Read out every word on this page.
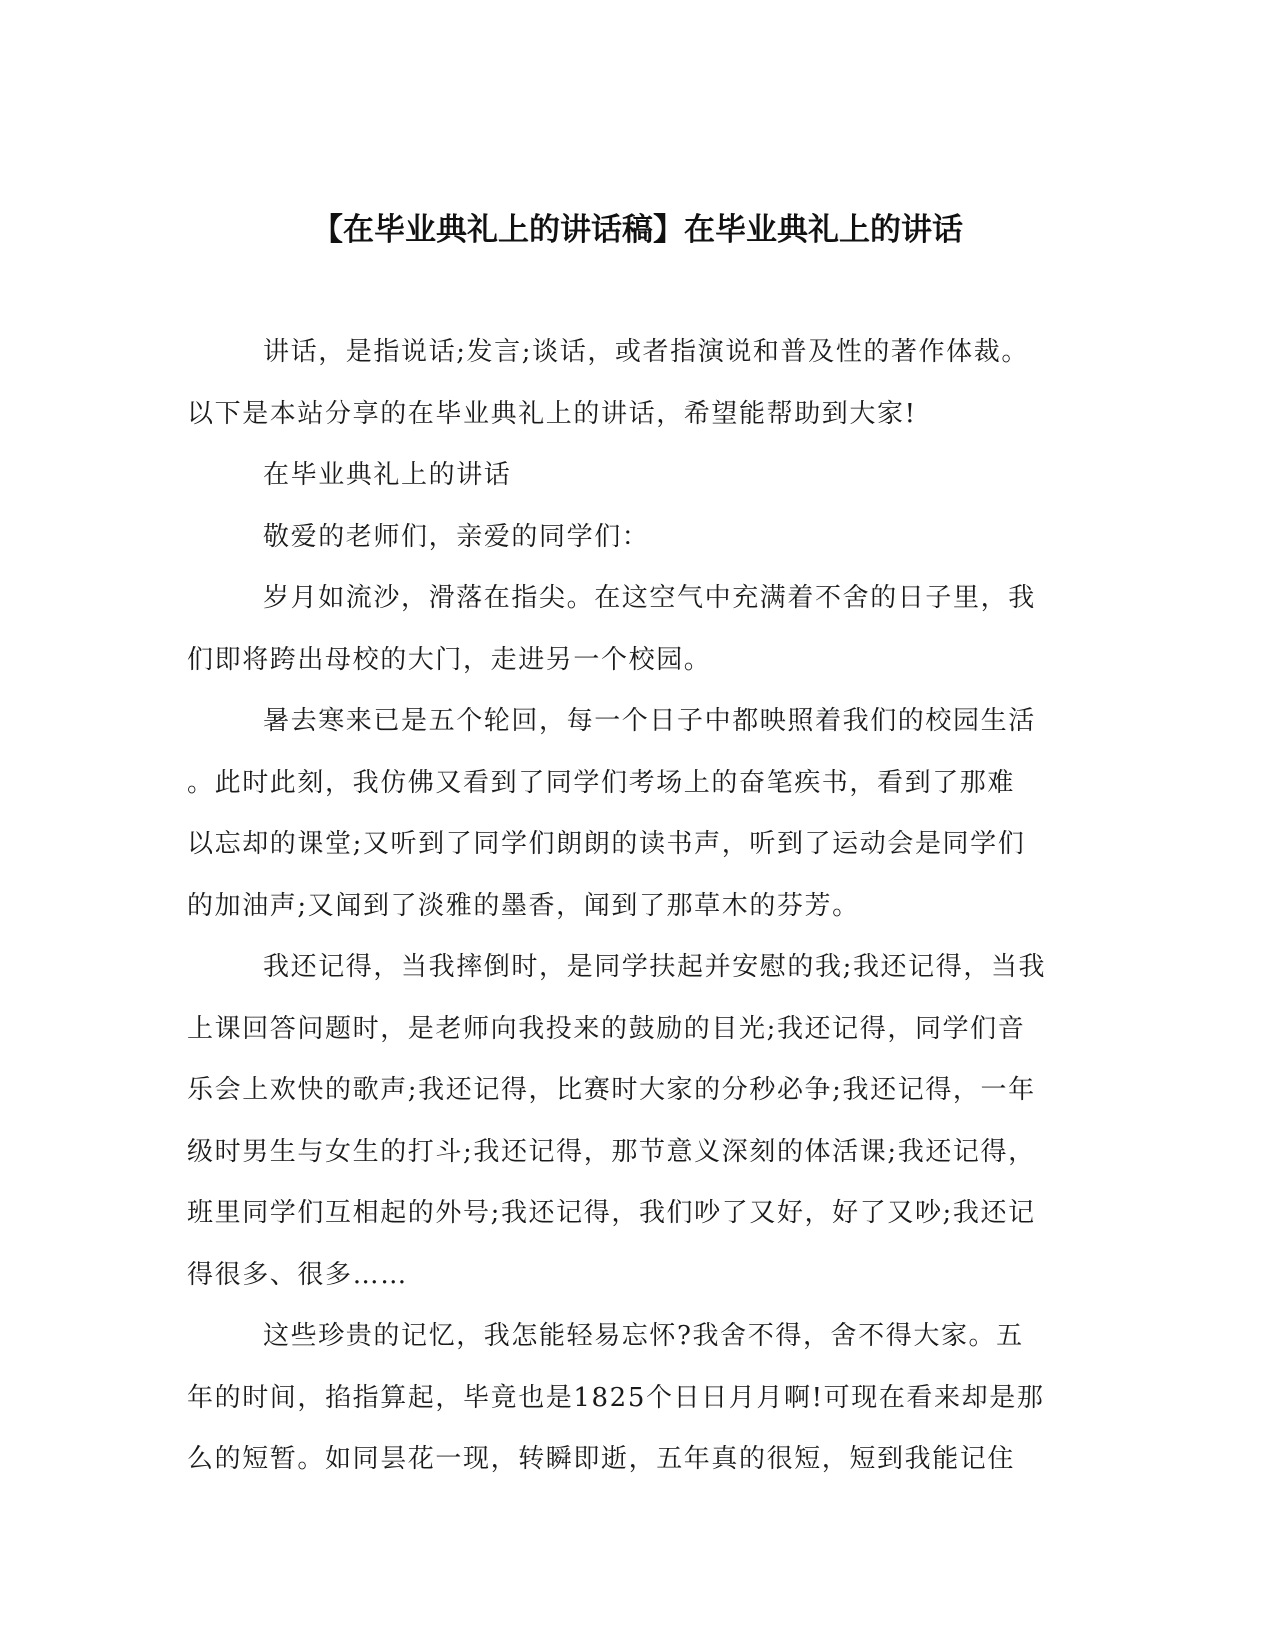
【在毕业典礼上的讲话稿】在毕业典礼上的讲话
讲话，是指说话;发言;谈话，或者指演说和普及性的著作体裁。
以下是本站分享的在毕业典礼上的讲话，希望能帮助到大家!
在毕业典礼上的讲话
敬爱的老师们，亲爱的同学们：
岁月如流沙，滑落在指尖。在这空气中充满着不舍的日子里，我
们即将跨出母校的大门，走进另一个校园。
暑去寒来已是五个轮回，每一个日子中都映照着我们的校园生活
。此时此刻，我仿佛又看到了同学们考场上的奋笔疾书，看到了那难
以忘却的课堂;又听到了同学们朗朗的读书声，听到了运动会是同学们
的加油声;又闻到了淡雅的墨香，闻到了那草木的芬芳。
我还记得，当我摔倒时，是同学扶起并安慰的我;我还记得，当我
上课回答问题时，是老师向我投来的鼓励的目光;我还记得，同学们音
乐会上欢快的歌声;我还记得，比赛时大家的分秒必争;我还记得，一年
级时男生与女生的打斗;我还记得，那节意义深刻的体活课;我还记得，
班里同学们互相起的外号;我还记得，我们吵了又好，好了又吵;我还记
得很多、很多……
这些珍贵的记忆，我怎能轻易忘怀?我舍不得，舍不得大家。五
年的时间，掐指算起，毕竟也是1825个日日月月啊!可现在看来却是那
么的短暂。如同昙花一现，转瞬即逝，五年真的很短，短到我能记住
